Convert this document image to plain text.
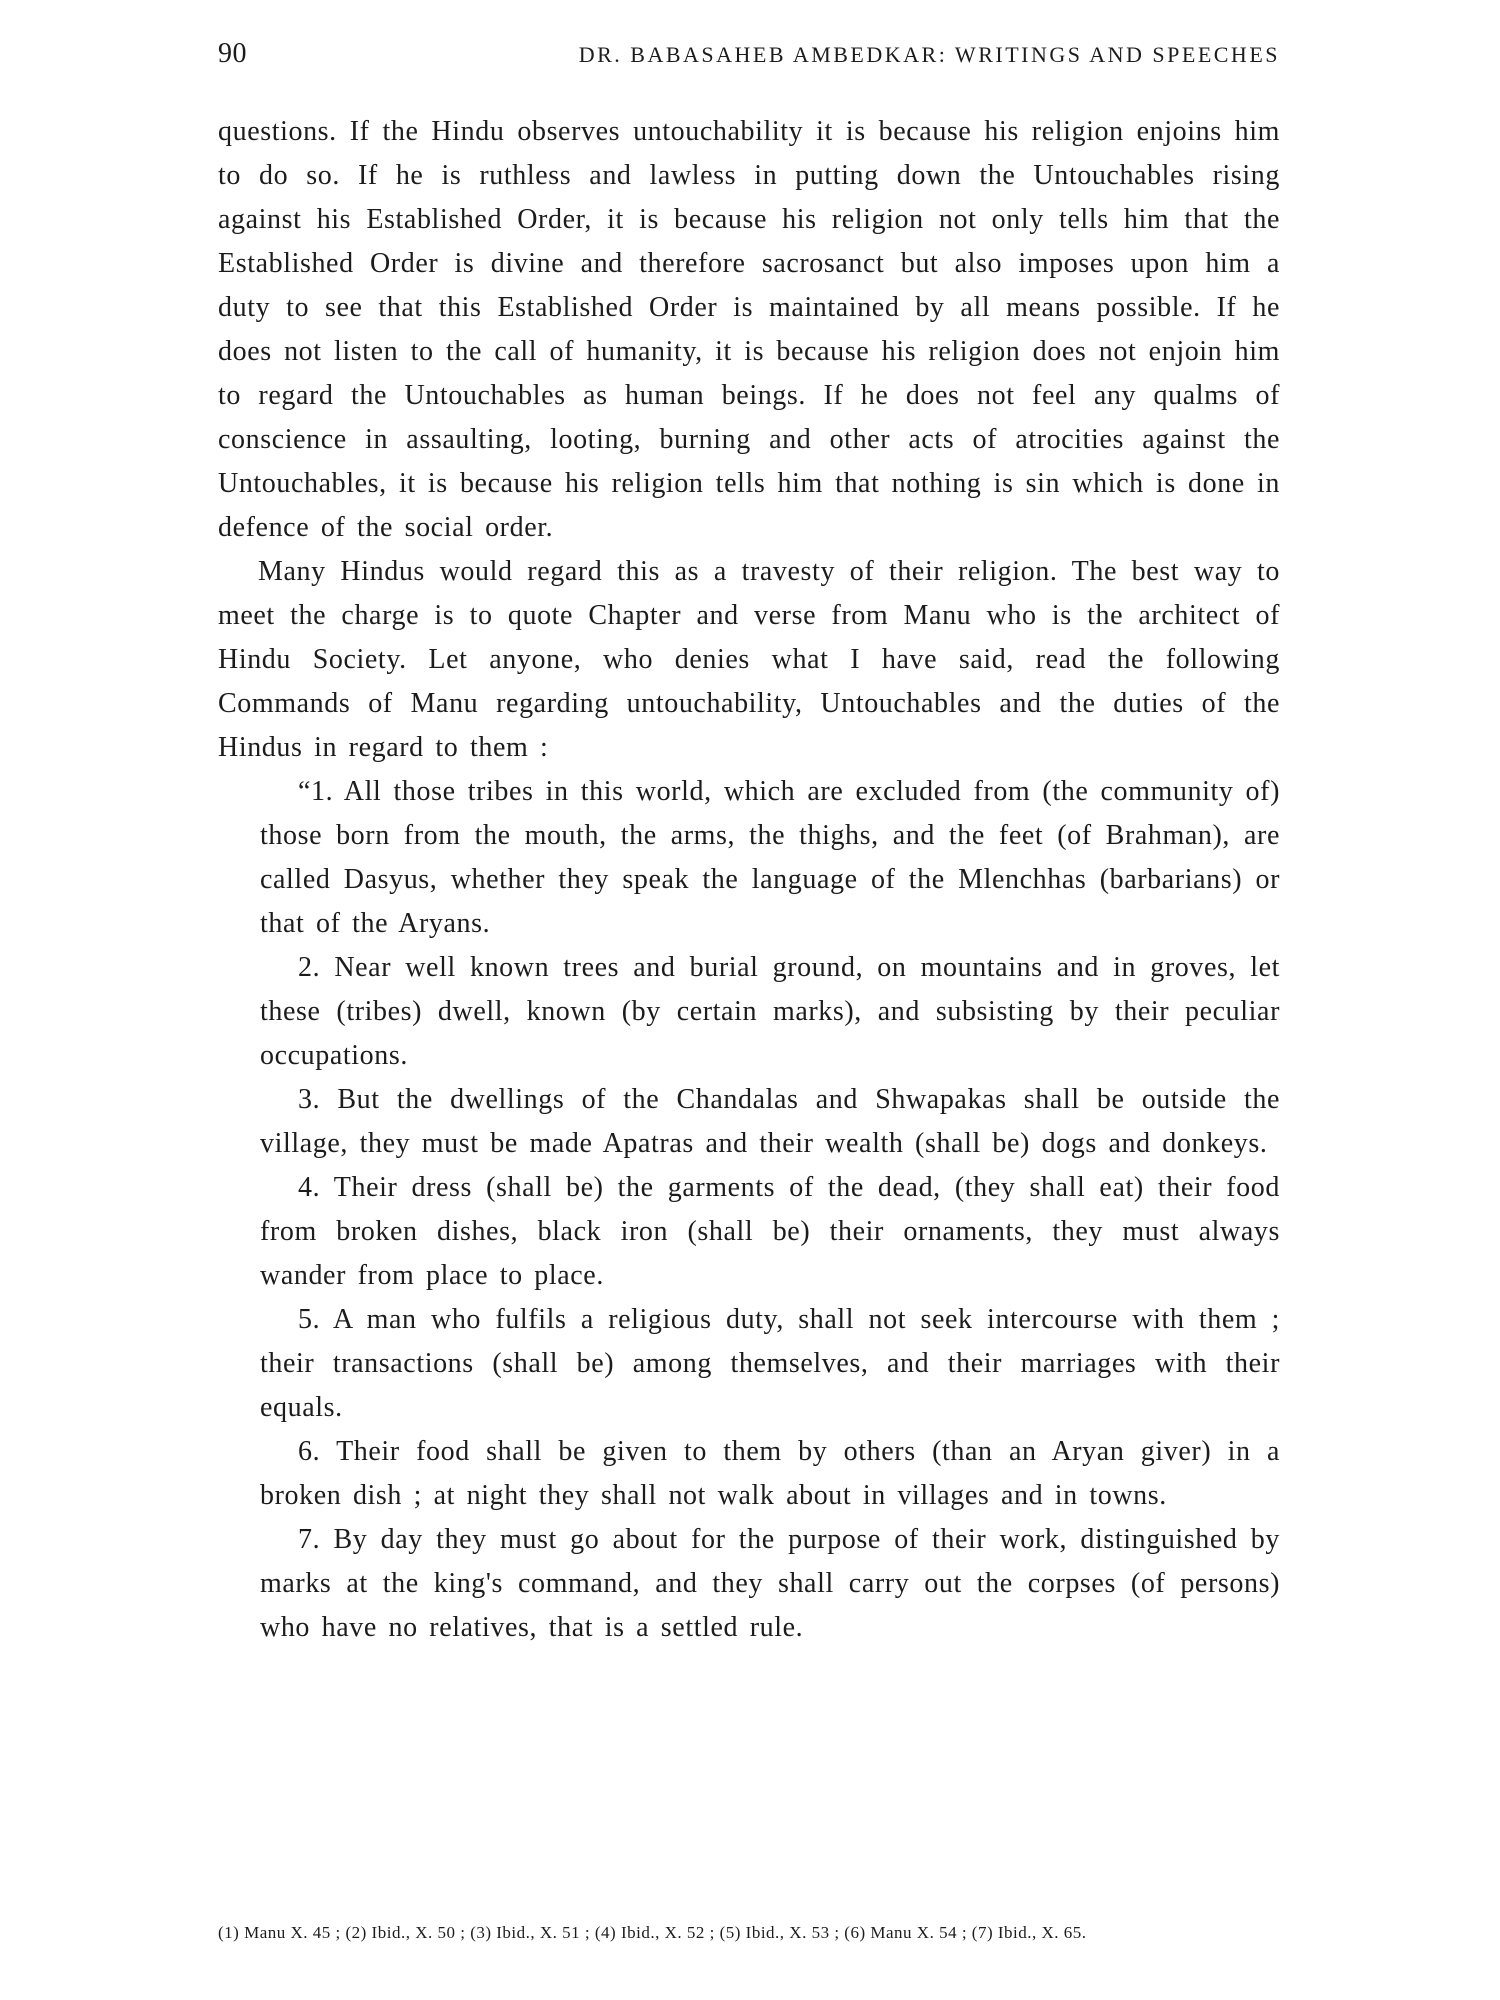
90	DR. BABASAHEB AMBEDKAR: WRITINGS AND SPEECHES

questions. If the Hindu observes untouchability it is because his religion enjoins him to do so. If he is ruthless and lawless in putting down the Untouchables rising against his Established Order, it is because his religion not only tells him that the Established Order is divine and therefore sacrosanct but also imposes upon him a duty to see that this Established Order is maintained by all means possible. If he does not listen to the call of humanity, it is because his religion does not enjoin him to regard the Untouchables as human beings. If he does not feel any qualms of conscience in assaulting, looting, burning and other acts of atrocities against the Untouchables, it is because his religion tells him that nothing is sin which is done in defence of the social order.

Many Hindus would regard this as a travesty of their religion. The best way to meet the charge is to quote Chapter and verse from Manu who is the architect of Hindu Society. Let anyone, who denies what I have said, read the following Commands of Manu regarding untouchability, Untouchables and the duties of the Hindus in regard to them :

“1. All those tribes in this world, which are excluded from (the community of) those born from the mouth, the arms, the thighs, and the feet (of Brahman), are called Dasyus, whether they speak the language of the Mlenchhas (barbarians) or that of the Aryans.

2. Near well known trees and burial ground, on mountains and in groves, let these (tribes) dwell, known (by certain marks), and subsisting by their peculiar occupations.

3. But the dwellings of the Chandalas and Shwapakas shall be outside the village, they must be made Apatras and their wealth (shall be) dogs and donkeys.

4. Their dress (shall be) the garments of the dead, (they shall eat) their food from broken dishes, black iron (shall be) their ornaments, they must always wander from place to place.

5. A man who fulfils a religious duty, shall not seek intercourse with them ; their transactions (shall be) among themselves, and their marriages with their equals.

6. Their food shall be given to them by others (than an Aryan giver) in a broken dish ; at night they shall not walk about in villages and in towns.

7. By day they must go about for the purpose of their work, distinguished by marks at the king's command, and they shall carry out the corpses (of persons) who have no relatives, that is a settled rule.

(1) Manu X. 45 ; (2) Ibid., X. 50 ; (3) Ibid., X. 51 ; (4) Ibid., X. 52 ; (5) Ibid., X. 53 ; (6) Manu X. 54 ; (7) Ibid., X. 65.
